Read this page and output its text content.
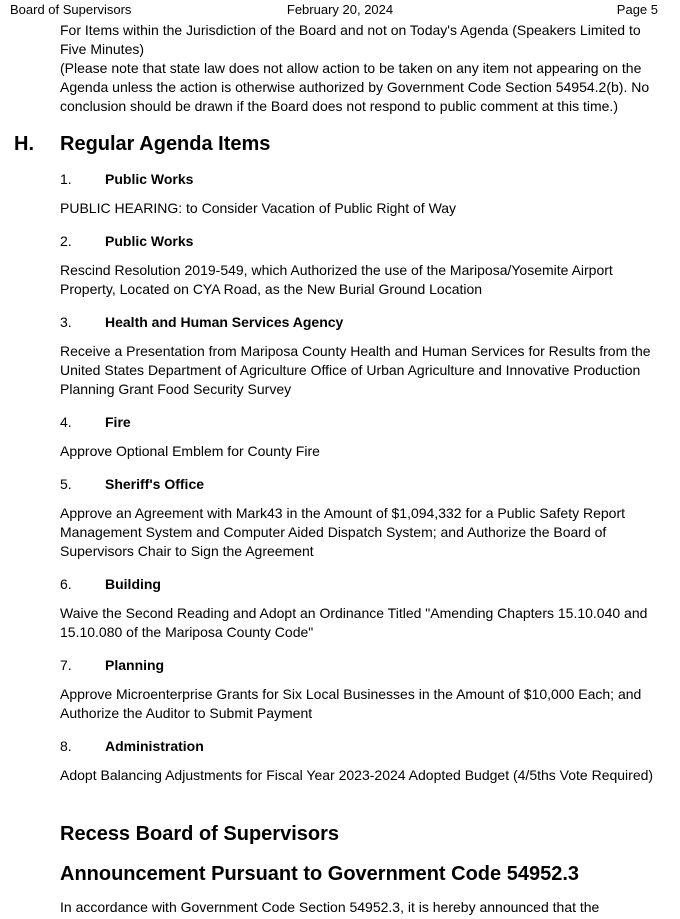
Board of Supervisors	February 20, 2024	Page 5

For Items within the Jurisdiction of the Board and not on Today's Agenda (Speakers Limited to Five Minutes)

(Please note that state law does not allow action to be taken on any item not appearing on the Agenda unless the action is otherwise authorized by Government Code Section 54954.2(b). No conclusion should be drawn if the Board does not respond to public comment at this time.)

H. Regular Agenda Items
1.	Public Works
PUBLIC HEARING: to Consider Vacation of Public Right of Way
2.	Public Works
Rescind Resolution 2019-549, which Authorized the use of the Mariposa/Yosemite Airport Property, Located on CYA Road, as the New Burial Ground Location
3.	Health and Human Services Agency
Receive a Presentation from Mariposa County Health and Human Services for Results from the United States Department of Agriculture Office of Urban Agriculture and Innovative Production Planning Grant Food Security Survey
4.	Fire
Approve Optional Emblem for County Fire
5.	Sheriff's Office
Approve an Agreement with Mark43 in the Amount of $1,094,332 for a Public Safety Report Management System and Computer Aided Dispatch System; and Authorize the Board of Supervisors Chair to Sign the Agreement
6.	Building
Waive the Second Reading and Adopt an Ordinance Titled "Amending Chapters 15.10.040 and 15.10.080 of the Mariposa County Code"
7.	Planning
Approve Microenterprise Grants for Six Local Businesses in the Amount of $10,000 Each; and Authorize the Auditor to Submit Payment
8.	Administration
Adopt Balancing Adjustments for Fiscal Year 2023-2024 Adopted Budget (4/5ths Vote Required)
Recess Board of Supervisors
Announcement Pursuant to Government Code 54952.3
In accordance with Government Code Section 54952.3, it is hereby announced that the
